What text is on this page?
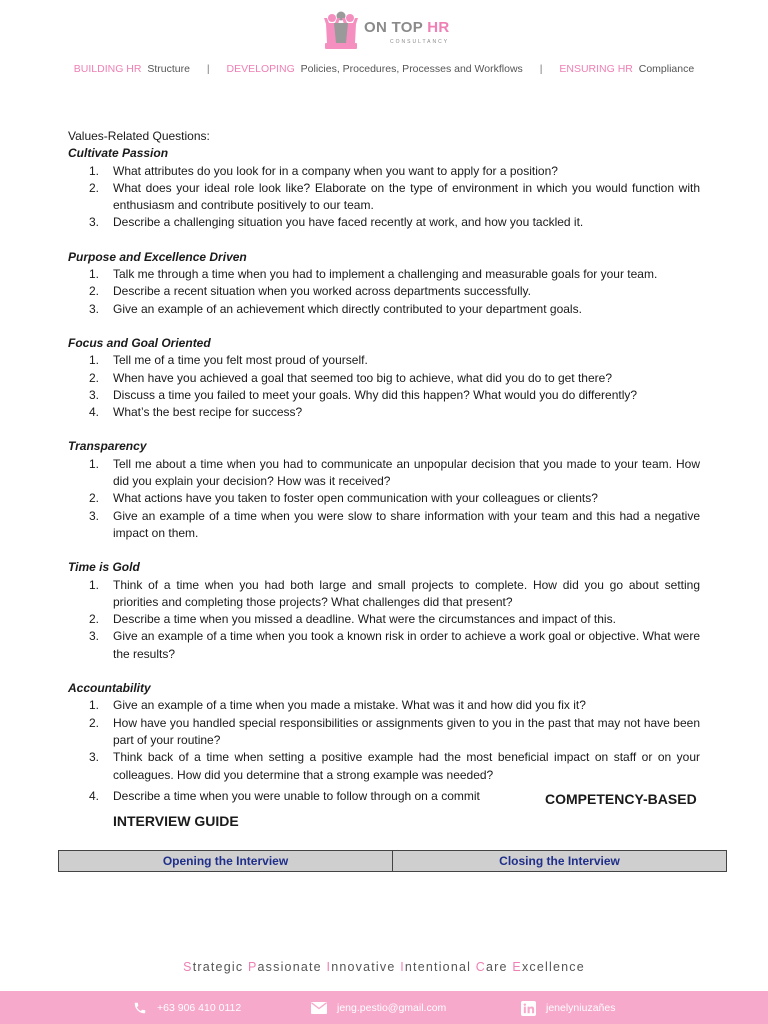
ON TOP HR
CONSULTANCY
BUILDING HR Structure | DEVELOPING Policies, Procedures, Processes and Workflows | ENSURING HR Compliance
Values-Related Questions:
Cultivate Passion
1. What attributes do you look for in a company when you want to apply for a position?
2. What does your ideal role look like? Elaborate on the type of environment in which you would function with enthusiasm and contribute positively to our team.
3. Describe a challenging situation you have faced recently at work, and how you tackled it.
Purpose and Excellence Driven
1. Talk me through a time when you had to implement a challenging and measurable goals for your team.
2. Describe a recent situation when you worked across departments successfully.
3. Give an example of an achievement which directly contributed to your department goals.
Focus and Goal Oriented
1. Tell me of a time you felt most proud of yourself.
2. When have you achieved a goal that seemed too big to achieve, what did you do to get there?
3. Discuss a time you failed to meet your goals. Why did this happen? What would you do differently?
4. What’s the best recipe for success?
Transparency
1. Tell me about a time when you had to communicate an unpopular decision that you made to your team. How did you explain your decision? How was it received?
2. What actions have you taken to foster open communication with your colleagues or clients?
3. Give an example of a time when you were slow to share information with your team and this had a negative impact on them.
Time is Gold
1. Think of a time when you had both large and small projects to complete. How did you go about setting priorities and completing those projects? What challenges did that present?
2. Describe a time when you missed a deadline. What were the circumstances and impact of this.
3. Give an example of a time when you took a known risk in order to achieve a work goal or objective. What were the results?
Accountability
1. Give an example of a time when you made a mistake. What was it and how did you fix it?
2. How have you handled special responsibilities or assignments given to you in the past that may not have been part of your routine?
3. Think back of a time when setting a positive example had the most beneficial impact on staff or on your colleagues. How did you determine that a strong example was needed?
4. Describe a time when you were unable to follow through on a commit	COMPETENCY-BASED
INTERVIEW GUIDE
Opening the Interview	Closing the Interview
Strategic Passionate Innovative Intentional Care Excellence
+63 906 410 0112	jeng.pestio@gmail.com	jenelyniuzañes
